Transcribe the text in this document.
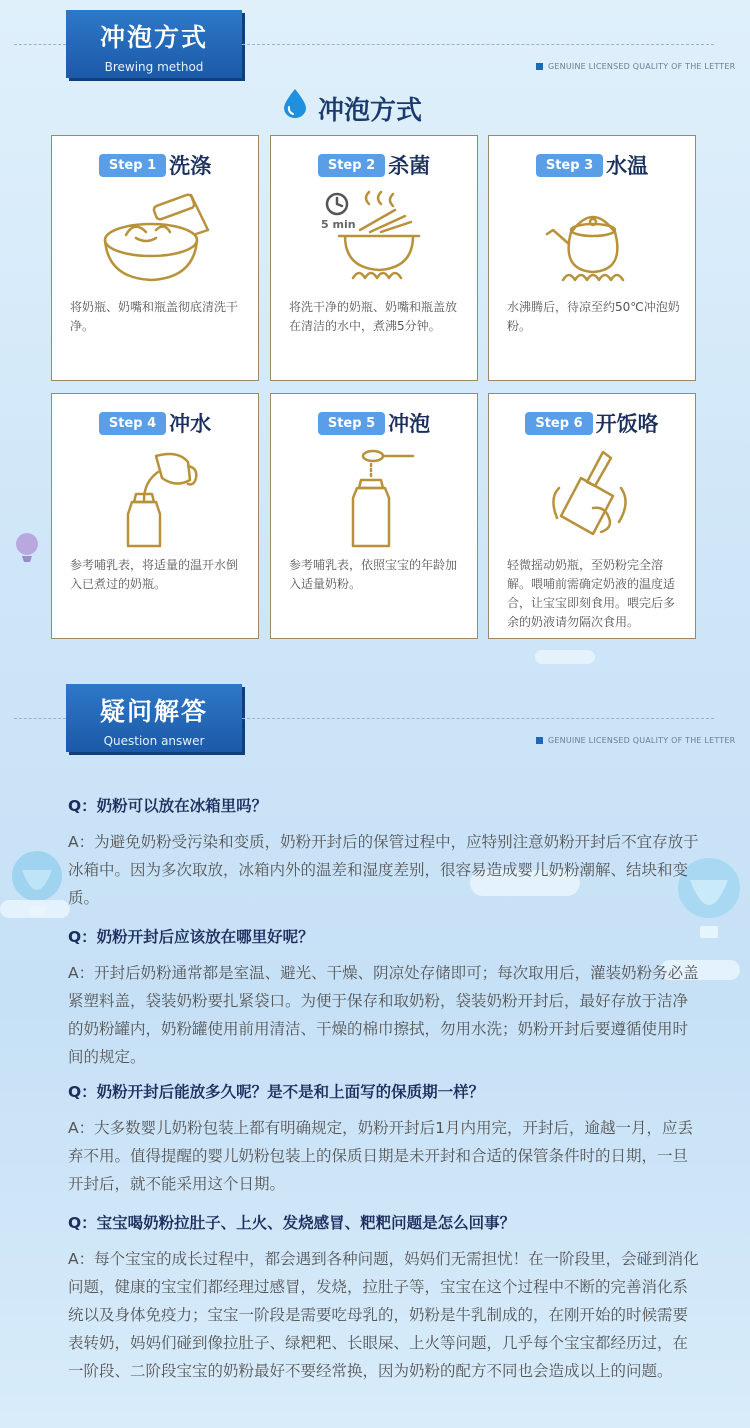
冲泡方式
Brewing method	GENUINE LICENSED QUALITY OF THE LETTER
冲泡方式
Step 1 洗涤
将奶瓶、奶嘴和瓶盖彻底清洗干净。
Step 2 杀菌
5 min
将洗干净的奶瓶、奶嘴和瓶盖放在清洁的水中，煮沸5分钟。
Step 3 水温
水沸腾后，待凉至约50℃冲泡奶粉。
Step 4 冲水
参考哺乳表，将适量的温开水倒入已煮过的奶瓶。
Step 5 冲泡
参考哺乳表，依照宝宝的年龄加入适量奶粉。
Step 6 开饭咯
轻微摇动奶瓶，至奶粉完全溶解。喂哺前需确定奶液的温度适合，让宝宝即刻食用。喂完后多余的奶液请勿隔次食用。
疑问解答
Question answer	GENUINE LICENSED QUALITY OF THE LETTER

Q：奶粉可以放在冰箱里吗？

A：为避免奶粉受污染和变质，奶粉开封后的保管过程中，应特别注意奶粉开封后不宜存放于冰箱中。因为多次取放，冰箱内外的温差和湿度差别，很容易造成婴儿奶粉潮解、结块和变质。

Q：奶粉开封后应该放在哪里好呢？

A：开封后奶粉通常都是室温、避光、干燥、阴凉处存储即可；每次取用后，灌装奶粉务必盖紧塑料盖，袋装奶粉要扎紧袋口。为便于保存和取奶粉，袋装奶粉开封后，最好存放于洁净的奶粉罐内，奶粉罐使用前用清洁、干燥的棉巾擦拭，勿用水洗；奶粉开封后要遵循使用时间的规定。

Q：奶粉开封后能放多久呢？是不是和上面写的保质期一样？

A：大多数婴儿奶粉包装上都有明确规定，奶粉开封后1月内用完，开封后，逾越一月，应丢弃不用。值得提醒的婴儿奶粉包装上的保质日期是未开封和合适的保管条件时的日期，一旦开封后，就不能采用这个日期。

Q：宝宝喝奶粉拉肚子、上火、发烧感冒、粑粑问题是怎么回事？

A：每个宝宝的成长过程中，都会遇到各种问题，妈妈们无需担忧！在一阶段里，会碰到消化问题，健康的宝宝们都经理过感冒，发烧，拉肚子等，宝宝在这个过程中不断的完善消化系统以及身体免疫力；宝宝一阶段是需要吃母乳的，奶粉是牛乳制成的，在刚开始的时候需要表转奶，妈妈们碰到像拉肚子、绿粑粑、长眼屎、上火等问题，几乎每个宝宝都经历过，在一阶段、二阶段宝宝的奶粉最好不要经常换，因为奶粉的配方不同也会造成以上的问题。
